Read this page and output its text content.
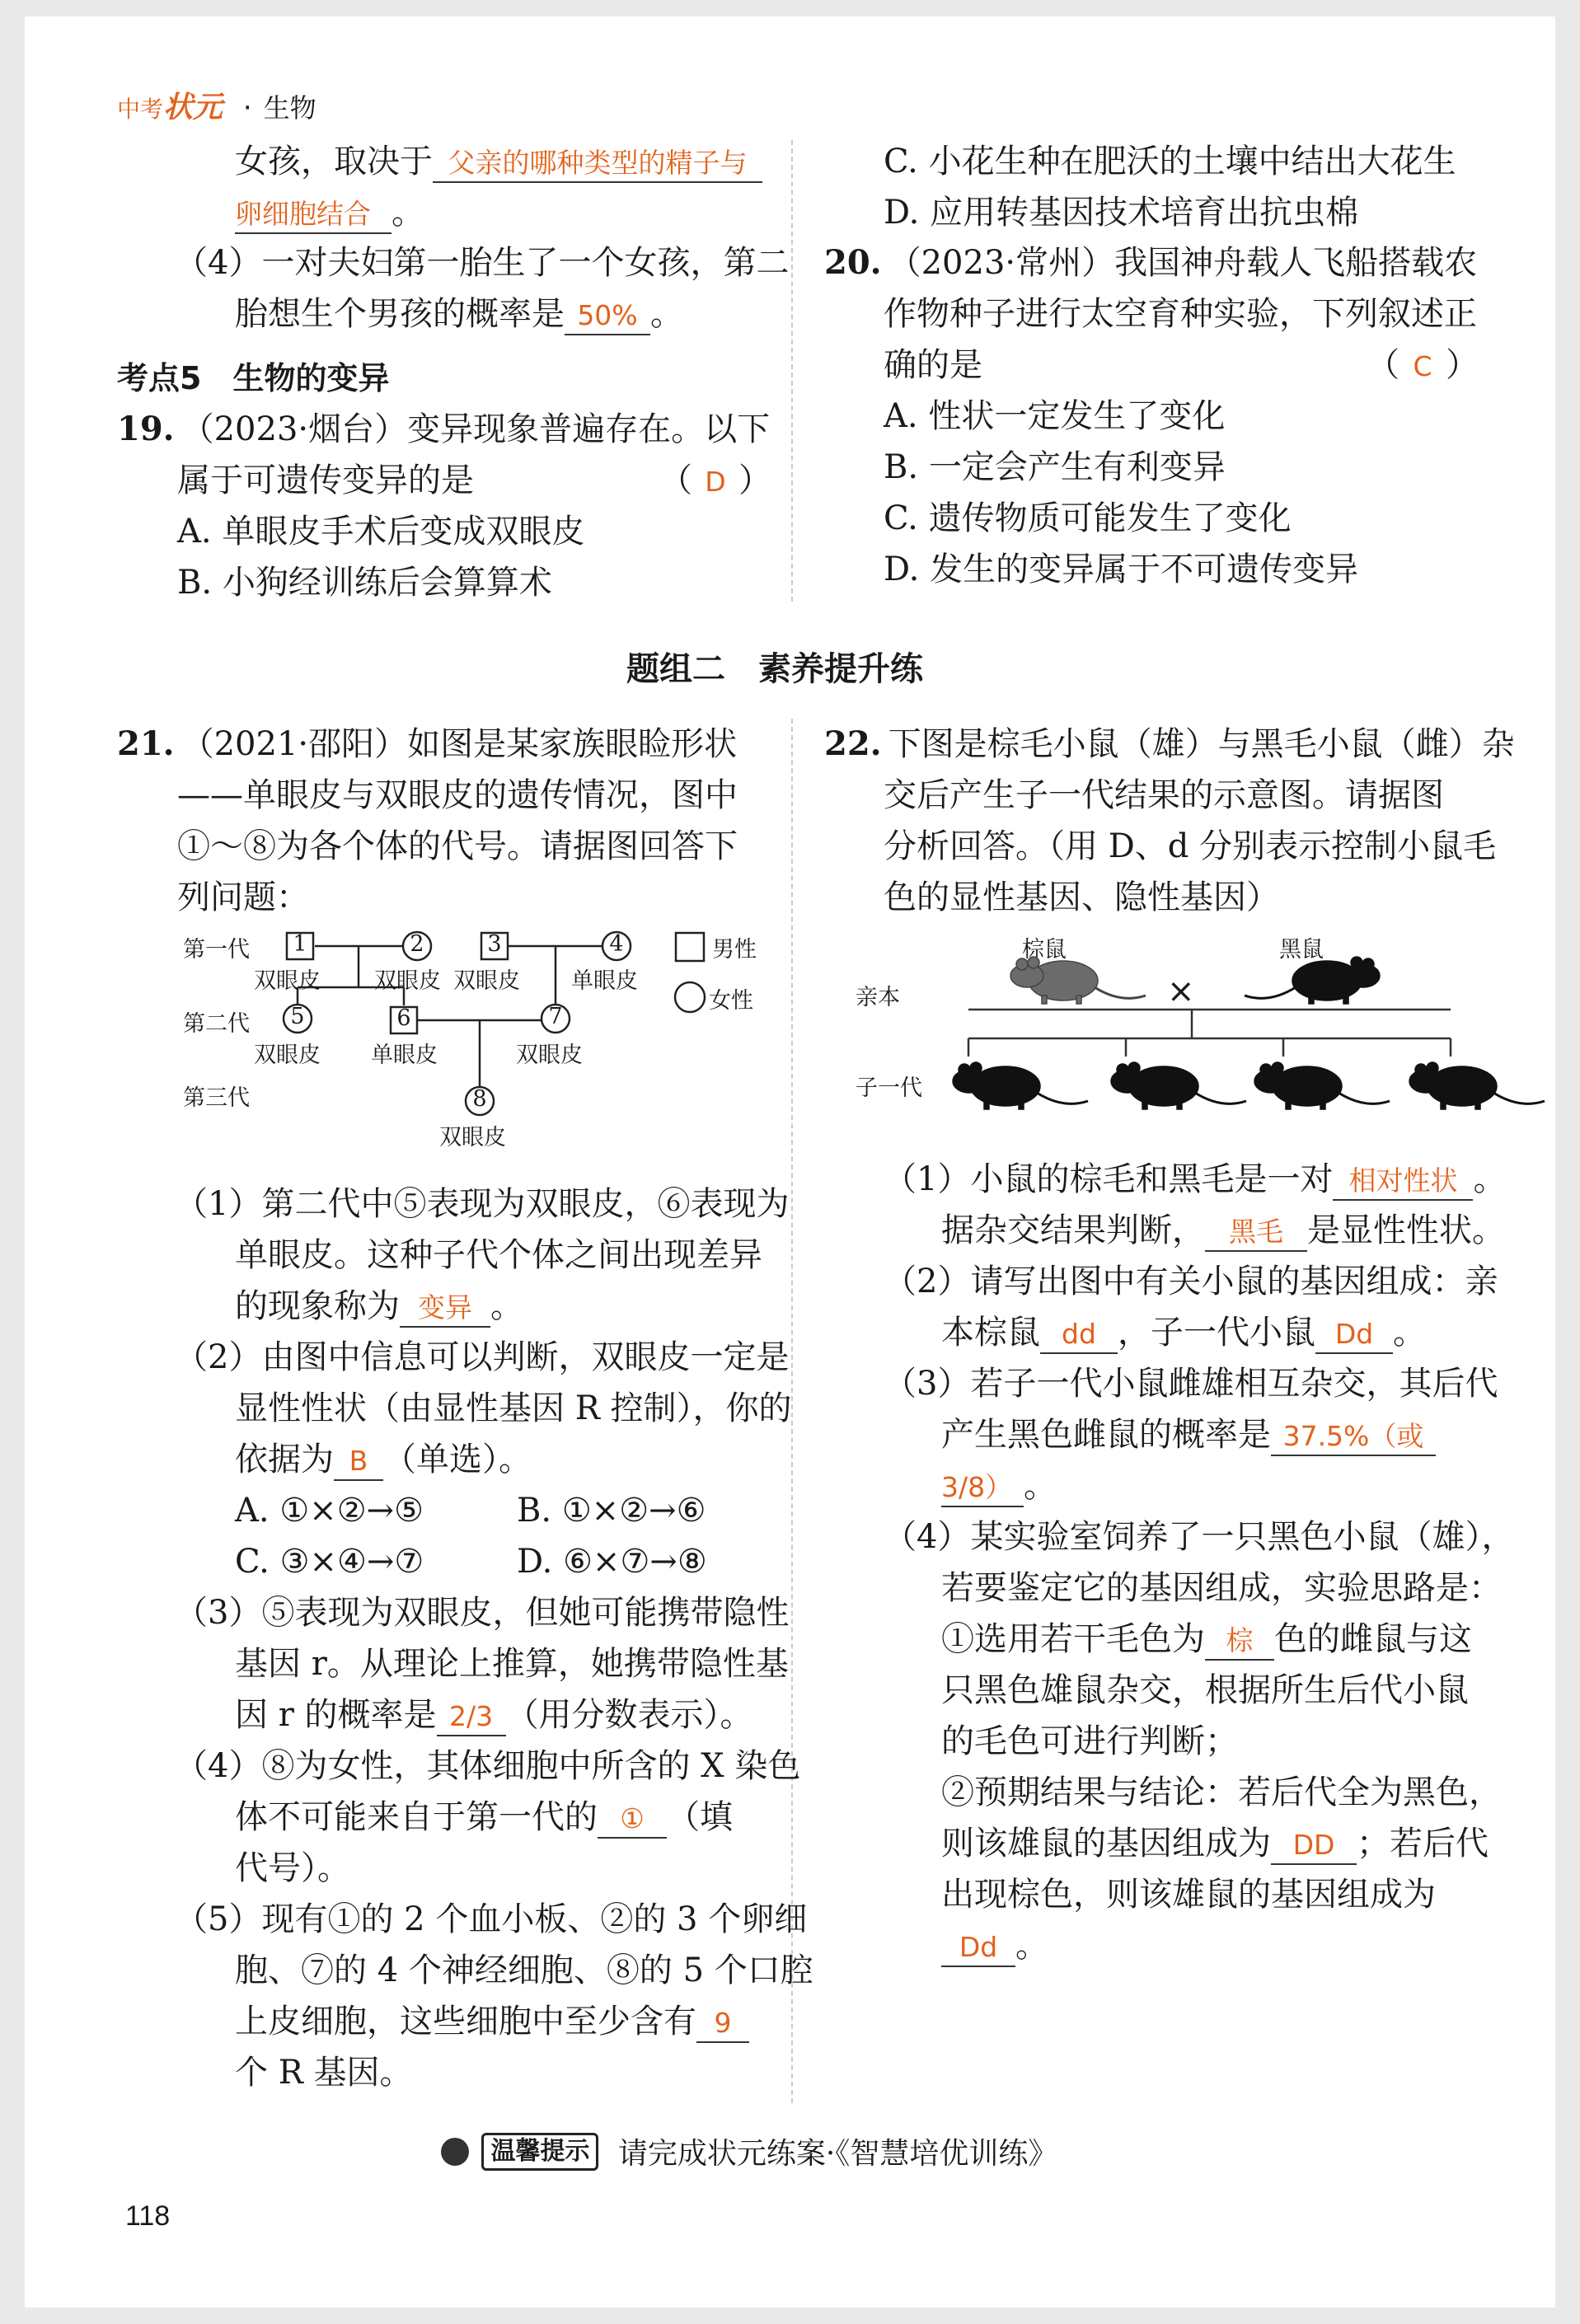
中考状元 · 生物
女孩，取决于 父亲的哪种类型的精子与
卵细胞结合 。
（4）一对夫妇第一胎生了一个女孩，第二
胎想生个男孩的概率是 50% 。
考点5　生物的变异
19. （2023·烟台）变异现象普遍存在。以下
属于可遗传变异的是	（ D ）
A. 单眼皮手术后变成双眼皮
B. 小狗经训练后会算算术
C. 小花生种在肥沃的土壤中结出大花生
D. 应用转基因技术培育出抗虫棉
20. （2023·常州）我国神舟载人飞船搭载农
作物种子进行太空育种实验，下列叙述正
确的是	（ C ）
A. 性状一定发生了变化
B. 一定会产生有利变异
C. 遗传物质可能发生了变化
D. 发生的变异属于不可遗传变异
题组二　素养提升练
21. （2021·邵阳）如图是某家族眼睑形状
——单眼皮与双眼皮的遗传情况，图中
①～⑧为各个体的代号。请据图回答下
列问题：
第一代
第二代
第三代
1	2	3	4
5	6	7
8
双眼皮 双眼皮 双眼皮 单眼皮
双眼皮 单眼皮	双眼皮
双眼皮
男性
女性
（1）第二代中⑤表现为双眼皮，⑥表现为
单眼皮。这种子代个体之间出现差异
的现象称为 变异 。
（2）由图中信息可以判断，双眼皮一定是
显性性状（由显性基因 R 控制），你的
依据为 B （单选）。
A. ①×②→⑤	B. ①×②→⑥
C. ③×④→⑦	D. ⑥×⑦→⑧
（3）⑤表现为双眼皮，但她可能携带隐性
基因 r。从理论上推算，她携带隐性基
因 r 的概率是 2/3 （用分数表示）。
（4）⑧为女性，其体细胞中所含的 X 染色
体不可能来自于第一代的 ① （填
代号）。
（5）现有①的 2 个血小板、②的 3 个卵细
胞、⑦的 4 个神经细胞、⑧的 5 个口腔
上皮细胞，这些细胞中至少含有 9
个 R 基因。
22. 下图是棕毛小鼠（雄）与黑毛小鼠（雌）杂
交后产生子一代结果的示意图。请据图
分析回答。（用 D、d 分别表示控制小鼠毛
色的显性基因、隐性基因）
棕鼠	黑鼠
亲本
子一代
×
（1）小鼠的棕毛和黑毛是一对 相对性状 。
据杂交结果判断， 黑毛 是显性性状。
（2）请写出图中有关小鼠的基因组成：亲
本棕鼠 dd ，子一代小鼠 Dd 。
（3）若子一代小鼠雌雄相互杂交，其后代
产生黑色雌鼠的概率是 37.5%（或
3/8） 。
（4）某实验室饲养了一只黑色小鼠（雄），
若要鉴定它的基因组成，实验思路是：
①选用若干毛色为 棕 色的雌鼠与这
只黑色雄鼠杂交，根据所生后代小鼠
的毛色可进行判断；
②预期结果与结论：若后代全为黑色，
则该雄鼠的基因组成为 DD ；若后代
出现棕色，则该雄鼠的基因组成为
Dd 。
温馨提示 请完成状元练案·《智慧培优训练》
118
